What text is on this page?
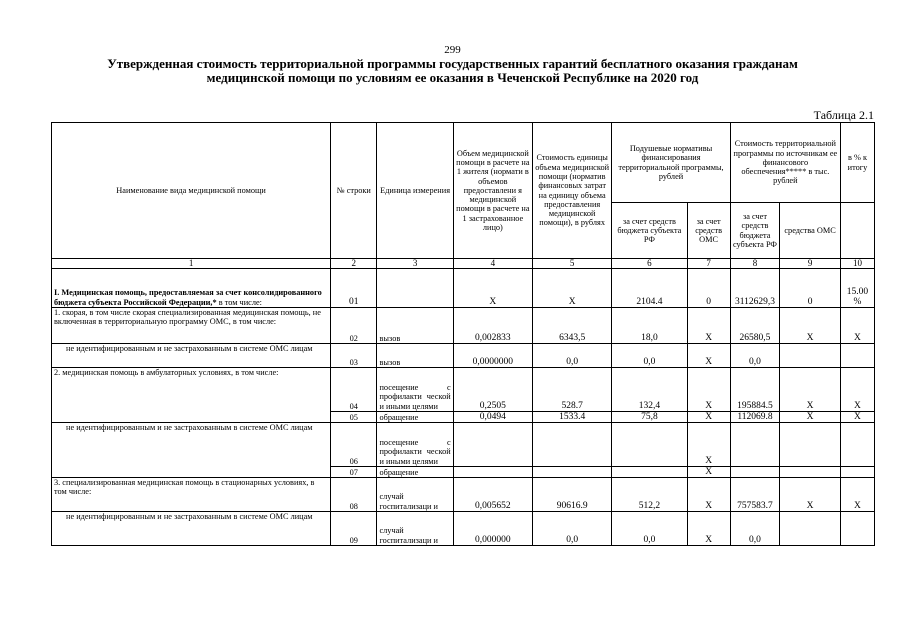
299
Утвержденная стоимость территориальной программы государственных гарантий бесплатного оказания гражданам
медицинской помощи по условиям ее оказания в Чеченской Республике на 2020 год
Таблица 2.1
Наименование вида медицинской помощи	№ строки	Единица измерения	Объем медицинской помощи в расчете на 1 жителя (нормати в объемов предоставлени я медицинской помощи в расчете на 1 застрахованное лицо)	Стоимость единицы объема медицинской помощи (норматив финансовых затрат на единицу объема предоставления медицинской помощи), в рублях	Подушевые нормативы финансирования территориальной программы, рублей		Стоимость территориальной программы по источникам ее финансового обеспечения***** в тыс. рублей		в % к итогу
					за счет средств бюджета субъекта РФ	за счет средств ОМС	за счет средств бюджета субъекта РФ	средства ОМС	
1	2	3	4	5	6	7	8	9	10
I. Медицинская помощь, предоставляемая за счет консолидированного бюджета субъекта Российской Федерации,* в том числе:	01		X	X	2104.4	0	3112629,3	0	15.00 %
1. скорая, в том числе скорая специализированная медицинская помощь, не включенная в территориальную программу ОМС, в том числе:	02	вызов	0,002833	6343,5	18,0	X	26580,5	X	X
не идентифицированным и не застрахованным в системе ОМС лицам	03	вызов	0,0000000	0,0	0,0	X	0,0		
2. медицинская помощь в амбулаторных условиях, в том числе:	04	посещение с профилакти ческой и иными целями	0,2505	528.7	132,4	X	195884.5	X	X
	05	обращение	0,0494	1533.4	75,8	X	112069.8	X	X
не идентифицированным и не застрахованным в системе ОМС лицам	06	посещение с профилакти ческой и иными целями				X			
	07	обращение				X			
3. специализированная медицинская помощь в стационарных условиях, в том числе:	08	случай госпитализаци и	0,005652	90616.9	512,2	X	757583.7	X	X
не идентифицированным и не застрахованным в системе ОМС лицам	09	случай госпитализаци и	0,000000	0,0	0,0	X	0,0		
